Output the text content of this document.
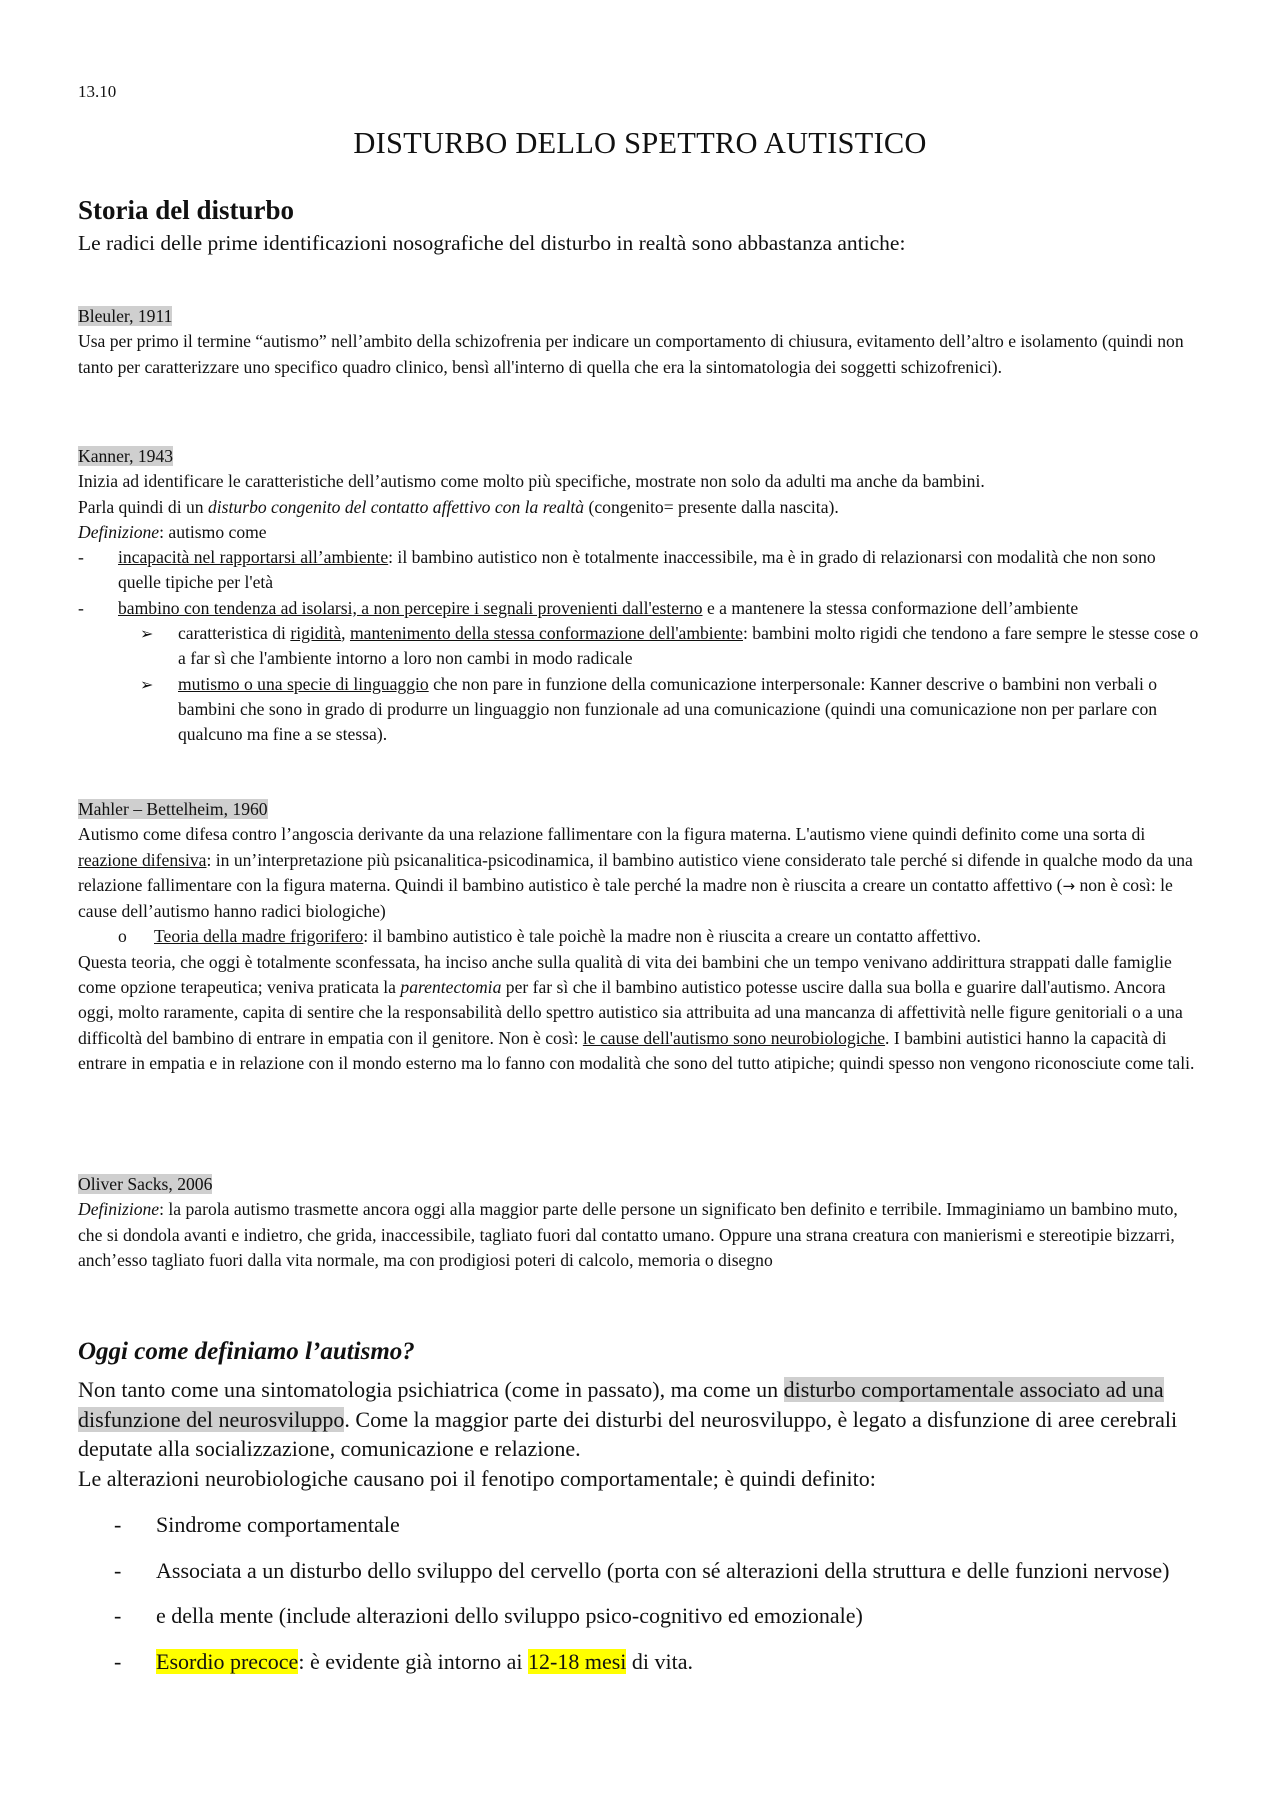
13.10
DISTURBO DELLO SPETTRO AUTISTICO
Storia del disturbo
Le radici delle prime identificazioni nosografiche del disturbo in realtà sono abbastanza antiche:
Bleuler, 1911
Usa per primo il termine “autismo” nell’ambito della schizofrenia per indicare un comportamento di chiusura, evitamento dell’altro e isolamento (quindi non tanto per caratterizzare uno specifico quadro clinico, bensì all'interno di quella che era la sintomatologia dei soggetti schizofrenici).
Kanner, 1943
Inizia ad identificare le caratteristiche dell’autismo come molto più specifiche, mostrate non solo da adulti ma anche da bambini.
Parla quindi di un disturbo congenito del contatto affettivo con la realtà (congenito= presente dalla nascita).
Definizione: autismo come
- incapacità nel rapportarsi all’ambiente: il bambino autistico non è totalmente inaccessibile, ma è in grado di relazionarsi con modalità che non sono quelle tipiche per l'età
- bambino con tendenza ad isolarsi, a non percepire i segnali provenienti dall'esterno e a mantenere la stessa conformazione dell’ambiente
➢ caratteristica di rigidità, mantenimento della stessa conformazione dell'ambiente: bambini molto rigidi che tendono a fare sempre le stesse cose o a far sì che l'ambiente intorno a loro non cambi in modo radicale
➢ mutismo o una specie di linguaggio che non pare in funzione della comunicazione interpersonale: Kanner descrive o bambini non verbali o bambini che sono in grado di produrre un linguaggio non funzionale ad una comunicazione (quindi una comunicazione non per parlare con qualcuno ma fine a se stessa).
Mahler – Bettelheim, 1960
Autismo come difesa contro l’angoscia derivante da una relazione fallimentare con la figura materna. L'autismo viene quindi definito come una sorta di reazione difensiva: in un’interpretazione più psicanalitica-psicodinamica, il bambino autistico viene considerato tale perché si difende in qualche modo da una relazione fallimentare con la figura materna. Quindi il bambino autistico è tale perché la madre non è riuscita a creare un contatto affettivo (→ non è così: le cause dell’autismo hanno radici biologiche)
o Teoria della madre frigorifero: il bambino autistico è tale poichè la madre non è riuscita a creare un contatto affettivo.
Questa teoria, che oggi è totalmente sconfessata, ha inciso anche sulla qualità di vita dei bambini che un tempo venivano addirittura strappati dalle famiglie come opzione terapeutica; veniva praticata la parentectomia per far sì che il bambino autistico potesse uscire dalla sua bolla e guarire dall'autismo. Ancora oggi, molto raramente, capita di sentire che la responsabilità dello spettro autistico sia attribuita ad una mancanza di affettività nelle figure genitoriali o a una difficoltà del bambino di entrare in empatia con il genitore. Non è così: le cause dell'autismo sono neurobiologiche. I bambini autistici hanno la capacità di entrare in empatia e in relazione con il mondo esterno ma lo fanno con modalità che sono del tutto atipiche; quindi spesso non vengono riconosciute come tali.
Oliver Sacks, 2006
Definizione: la parola autismo trasmette ancora oggi alla maggior parte delle persone un significato ben definito e terribile. Immaginiamo un bambino muto, che si dondola avanti e indietro, che grida, inaccessibile, tagliato fuori dal contatto umano. Oppure una strana creatura con manierismi e stereotipie bizzarri, anch’esso tagliato fuori dalla vita normale, ma con prodigiosi poteri di calcolo, memoria o disegno
Oggi come definiamo l’autismo?
Non tanto come una sintomatologia psichiatrica (come in passato), ma come un disturbo comportamentale associato ad una disfunzione del neurosviluppo. Come la maggior parte dei disturbi del neurosviluppo, è legato a disfunzione di aree cerebrali deputate alla socializzazione, comunicazione e relazione.
Le alterazioni neurobiologiche causano poi il fenotipo comportamentale; è quindi definito:
- Sindrome comportamentale
- Associata a un disturbo dello sviluppo del cervello (porta con sé alterazioni della struttura e delle funzioni nervose)
- e della mente (include alterazioni dello sviluppo psico-cognitivo ed emozionale)
- Esordio precoce: è evidente già intorno ai 12-18 mesi di vita.
